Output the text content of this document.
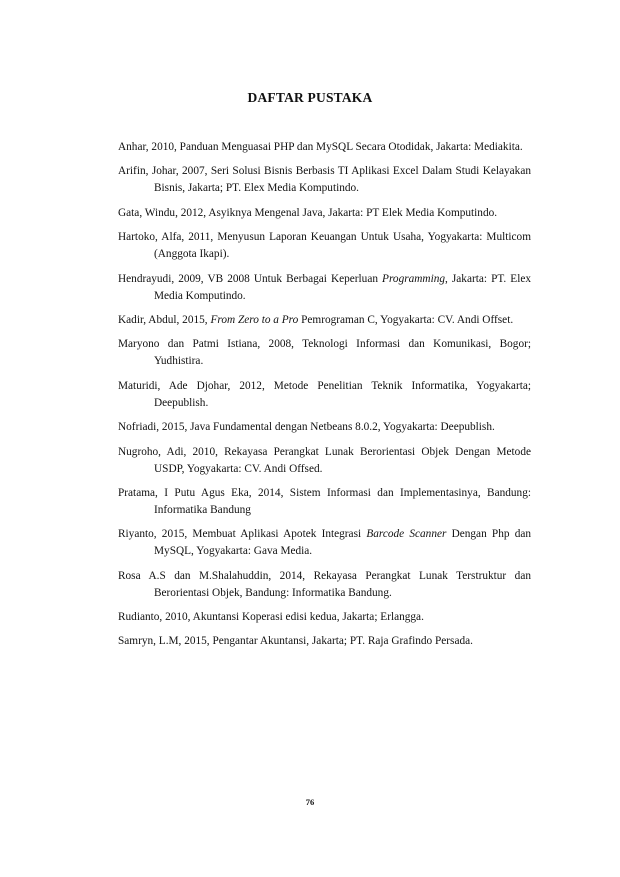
DAFTAR PUSTAKA

Anhar, 2010, Panduan Menguasai PHP dan MySQL Secara Otodidak, Jakarta: Mediakita.

Arifin, Johar, 2007, Seri Solusi Bisnis Berbasis TI Aplikasi Excel Dalam Studi Kelayakan Bisnis, Jakarta; PT. Elex Media Komputindo.

Gata, Windu, 2012, Asyiknya Mengenal Java, Jakarta: PT Elek Media Komputindo.

Hartoko, Alfa, 2011, Menyusun Laporan Keuangan Untuk Usaha, Yogyakarta: Multicom (Anggota Ikapi).

Hendrayudi, 2009, VB 2008 Untuk Berbagai Keperluan Programming, Jakarta: PT. Elex Media Komputindo.

Kadir, Abdul, 2015, From Zero to a Pro Pemrograman C, Yogyakarta: CV. Andi Offset.

Maryono dan Patmi Istiana, 2008, Teknologi Informasi dan Komunikasi, Bogor; Yudhistira.

Maturidi, Ade Djohar, 2012, Metode Penelitian Teknik Informatika, Yogyakarta; Deepublish.

Nofriadi, 2015, Java Fundamental dengan Netbeans 8.0.2, Yogyakarta: Deepublish.

Nugroho, Adi, 2010, Rekayasa Perangkat Lunak Berorientasi Objek Dengan Metode USDP, Yogyakarta: CV. Andi Offsed.

Pratama, I Putu Agus Eka, 2014, Sistem Informasi dan Implementasinya, Bandung: Informatika Bandung

Riyanto, 2015, Membuat Aplikasi Apotek Integrasi Barcode Scanner Dengan Php dan MySQL, Yogyakarta: Gava Media.

Rosa A.S dan M.Shalahuddin, 2014, Rekayasa Perangkat Lunak Terstruktur dan Berorientasi Objek, Bandung: Informatika Bandung.

Rudianto, 2010, Akuntansi Koperasi edisi kedua, Jakarta; Erlangga.

Samryn, L.M, 2015, Pengantar Akuntansi, Jakarta; PT. Raja Grafindo Persada.

76
